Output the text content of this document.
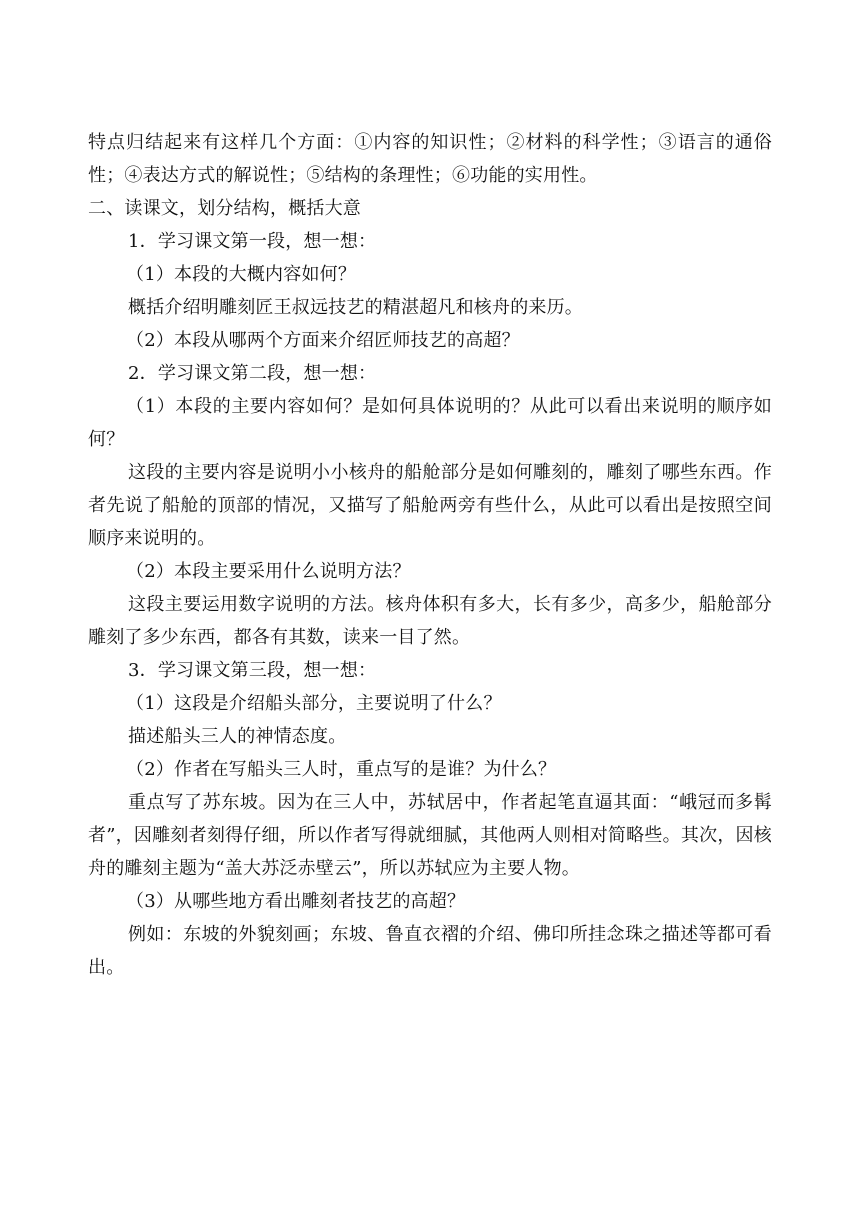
特点归结起来有这样几个方面：①内容的知识性；②材料的科学性；③语言的通俗性；④表达方式的解说性；⑤结构的条理性；⑥功能的实用性。
二、读课文，划分结构，概括大意
1．学习课文第一段，想一想：
（1）本段的大概内容如何？
概括介绍明雕刻匠王叔远技艺的精湛超凡和核舟的来历。
（2）本段从哪两个方面来介绍匠师技艺的高超？
2．学习课文第二段，想一想：
（1）本段的主要内容如何？是如何具体说明的？从此可以看出来说明的顺序如何？
这段的主要内容是说明小小核舟的船舱部分是如何雕刻的，雕刻了哪些东西。作者先说了船舱的顶部的情况，又描写了船舱两旁有些什么，从此可以看出是按照空间顺序来说明的。
（2）本段主要采用什么说明方法？
这段主要运用数字说明的方法。核舟体积有多大，长有多少，高多少，船舱部分雕刻了多少东西，都各有其数，读来一目了然。
3．学习课文第三段，想一想：
（1）这段是介绍船头部分，主要说明了什么？
描述船头三人的神情态度。
（2）作者在写船头三人时，重点写的是谁？为什么？
重点写了苏东坡。因为在三人中，苏轼居中，作者起笔直逼其面：“峨冠而多髯者”，因雕刻者刻得仔细，所以作者写得就细腻，其他两人则相对简略些。其次，因核舟的雕刻主题为“盖大苏泛赤壁云”，所以苏轼应为主要人物。
（3）从哪些地方看出雕刻者技艺的高超？
例如：东坡的外貌刻画；东坡、鲁直衣褶的介绍、佛印所挂念珠之描述等都可看出。
